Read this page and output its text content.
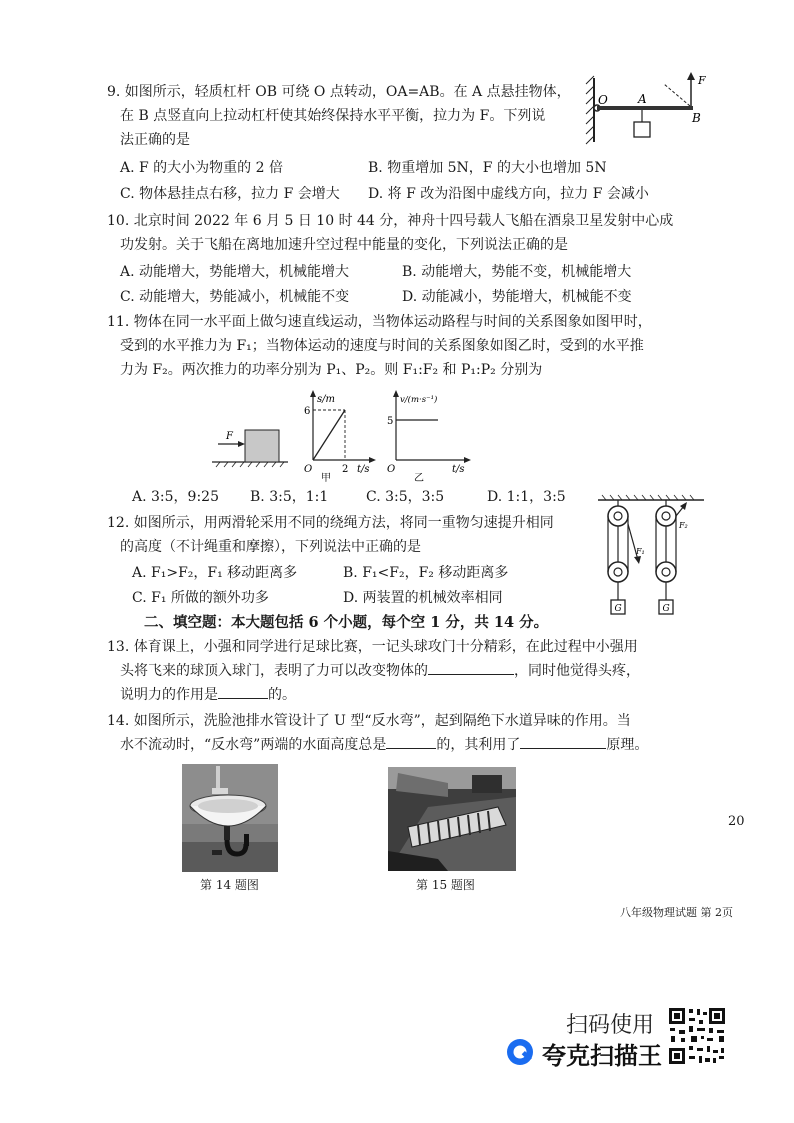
9. 如图所示，轻质杠杆 OB 可绕 O 点转动，OA=AB。在 A 点悬挂物体，
在 B 点竖直向上拉动杠杆使其始终保持水平平衡，拉力为 F。下列说
法正确的是
A. F 的大小为物重的 2 倍	B. 物重增加 5N，F 的大小也增加 5N
C. 物体悬挂点右移，拉力 F 会增大 D. 将 F 改为沿图中虚线方向，拉力 F 会减小
F
O	A
B
10. 北京时间 2022 年 6 月 5 日 10 时 44 分，神舟十四号载人飞船在酒泉卫星发射中心成
功发射。关于飞船在离地加速升空过程中能量的变化，下列说法正确的是
A. 动能增大，势能增大，机械能增大	B. 动能增大，势能不变，机械能增大
C. 动能增大，势能减小，机械能不变	D. 动能减小，势能增大，机械能不变
11. 物体在同一水平面上做匀速直线运动，当物体运动路程与时间的关系图象如图甲时，
受到的水平推力为 F₁；当物体运动的速度与时间的关系图象如图乙时，受到的水平推
力为 F₂。两次推力的功率分别为 P₁、P₂。则 F₁:F₂ 和 P₁:P₂ 分别为
F
s/m
6
2 t/s
O
甲
v/(m·s⁻¹)
5
t/s
O
乙
A. 3:5，9:25 B. 3:5，1:1	C. 3:5，3:5	D. 1:1，3:5
12. 如图所示，用两滑轮采用不同的绕绳方法，将同一重物匀速提升相同
的高度（不计绳重和摩擦），下列说法中正确的是
A. F₁>F₂，F₁ 移动距离多	B. F₁<F₂，F₂ 移动距离多
C. F₁ 所做的额外功多	D. 两装置的机械效率相同
F₁
G
F₂
G
二、填空题：本大题包括 6 个小题，每个空 1 分，共 14 分。
13. 体育课上，小强和同学进行足球比赛，一记头球攻门十分精彩，在此过程中小强用
头将飞来的球顶入球门，表明了力可以改变物体的	，同时他觉得头疼，
说明力的作用是	的。
14. 如图所示，洗脸池排水管设计了 U 型“反水弯”，起到隔绝下水道异味的作用。当
水不流动时，“反水弯”两端的水面高度总是	的，其利用了	原理。
第 14 题图	第 15 题图
20
八年级物理试题 第 2页
扫码使用
夸克扫描王
